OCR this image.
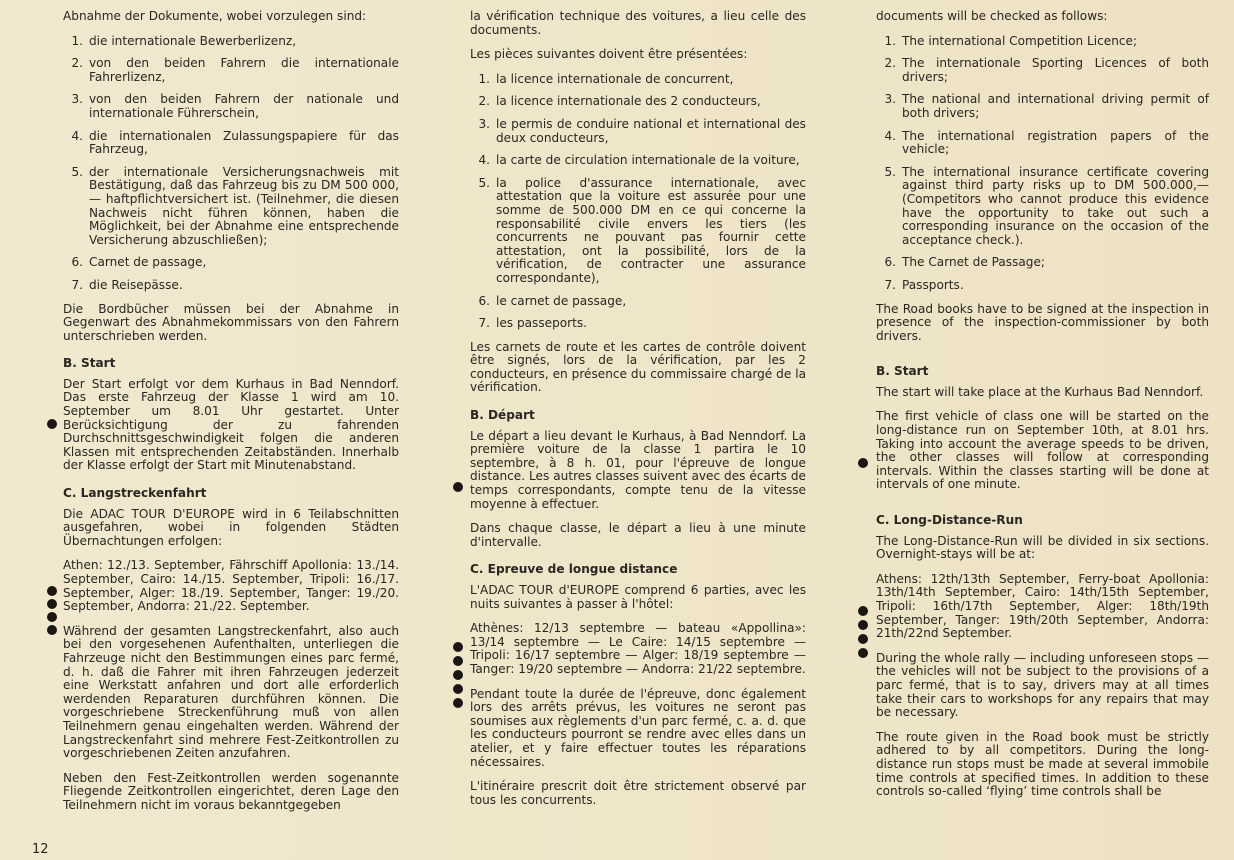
Abnahme der Dokumente, wobei vorzulegen sind:

1. die internationale Bewerberlizenz,
2. von den beiden Fahrern die internationale Fahrerlizenz,
3. von den beiden Fahrern der nationale und internationale Führerschein,
4. die internationalen Zulassungspapiere für das Fahrzeug,
5. der internationale Versicherungsnachweis mit Bestätigung, daß das Fahrzeug bis zu DM 500 000,— haftpflichtversichert ist. (Teilnehmer, die diesen Nachweis nicht führen können, haben die Möglichkeit, bei der Abnahme eine entsprechende Versicherung abzuschließen);
6. Carnet de passage,
7. die Reisepässe.

Die Bordbücher müssen bei der Abnahme in Gegenwart des Abnahmekommissars von den Fahrern unterschrieben werden.

B. Start

Der Start erfolgt vor dem Kurhaus in Bad Nenndorf. Das erste Fahrzeug der Klasse 1 wird am 10. September um 8.01 Uhr gestartet. Unter Berücksichtigung der zu fahrenden Durchschnittsgeschwindigkeit folgen die anderen Klassen mit entsprechenden Zeitabständen. Innerhalb der Klasse erfolgt der Start mit Minutenabstand.

C. Langstreckenfahrt

Die ADAC TOUR D'EUROPE wird in 6 Teilabschnitten ausgefahren, wobei in folgenden Städten Übernachtungen erfolgen:

Athen: 12./13. September, Fährschiff Apollonia: 13./14. September, Cairo: 14./15. September, Tripoli: 16./17. September, Alger: 18./19. September, Tanger: 19./20. September, Andorra: 21./22. September.

Während der gesamten Langstreckenfahrt, also auch bei den vorgesehenen Aufenthalten, unterliegen die Fahrzeuge nicht den Bestimmungen eines parc fermé, d. h. daß die Fahrer mit ihren Fahrzeugen jederzeit eine Werkstatt anfahren und dort alle erforderlich werdenden Reparaturen durchführen können. Die vorgeschriebene Streckenführung muß von allen Teilnehmern genau eingehalten werden. Während der Langstreckenfahrt sind mehrere Fest-Zeitkontrollen zu vorgeschriebenen Zeiten anzufahren.

Neben den Fest-Zeitkontrollen werden sogenannte Fliegende Zeitkontrollen eingerichtet, deren Lage den Teilnehmern nicht im voraus bekanntgegeben

la vérification technique des voitures, a lieu celle des documents.

Les pièces suivantes doivent être présentées:

1. la licence internationale de concurrent,
2. la licence internationale des 2 conducteurs,
3. le permis de conduire national et international des deux conducteurs,
4. la carte de circulation internationale de la voiture,
5. la police d'assurance internationale, avec attestation que la voiture est assurée pour une somme de 500.000 DM en ce qui concerne la responsabilité civile envers les tiers (les concurrents ne pouvant pas fournir cette attestation, ont la possibilité, lors de la vérification, de contracter une assurance correspondante),
6. le carnet de passage,
7. les passeports.

Les carnets de route et les cartes de contrôle doivent être signés, lors de la vérification, par les 2 conducteurs, en présence du commissaire chargé de la vérification.

B. Départ

Le départ a lieu devant le Kurhaus, à Bad Nenndorf. La première voiture de la classe 1 partira le 10 septembre, à 8 h. 01, pour l'épreuve de longue distance. Les autres classes suivent avec des écarts de temps correspondants, compte tenu de la vitesse moyenne à effectuer.

Dans chaque classe, le départ a lieu à une minute d'intervalle.

C. Epreuve de longue distance

L'ADAC TOUR d'EUROPE comprend 6 parties, avec les nuits suivantes à passer à l'hôtel:

Athènes: 12/13 septembre — bateau «Appollina»: 13/14 septembre — Le Caire: 14/15 septembre — Tripoli: 16/17 septembre — Alger: 18/19 septembre — Tanger: 19/20 septembre — Andorra: 21/22 septembre.

Pendant toute la durée de l'épreuve, donc également lors des arrêts prévus, les voitures ne seront pas soumises aux règlements d'un parc fermé, c. a. d. que les conducteurs pourront se rendre avec elles dans un atelier, et y faire effectuer toutes les réparations nécessaires.

L'itinéraire prescrit doit être strictement observé par tous les concurrents.

documents will be checked as follows:

1. The international Competition Licence;
2. The internationale Sporting Licences of both drivers;
3. The national and international driving permit of both drivers;
4. The international registration papers of the vehicle;
5. The international insurance certificate covering against third party risks up to DM 500.000,— (Competitors who cannot produce this evidence have the opportunity to take out such a corresponding insurance on the occasion of the acceptance check.).
6. The Carnet de Passage;
7. Passports.

The Road books have to be signed at the inspection in presence of the inspection-commissioner by both drivers.

B. Start

The start will take place at the Kurhaus Bad Nenndorf.

The first vehicle of class one will be started on the long-distance run on September 10th, at 8.01 hrs. Taking into account the average speeds to be driven, the other classes will follow at corresponding intervals. Within the classes starting will be done at intervals of one minute.

C. Long-Distance-Run

The Long-Distance-Run will be divided in six sections. Overnight-stays will be at:

Athens: 12th/13th September, Ferry-boat Apollonia: 13th/14th September, Cairo: 14th/15th September, Tripoli: 16th/17th September, Alger: 18th/19th September, Tanger: 19th/20th September, Andorra: 21th/22nd September.

During the whole rally — including unforeseen stops — the vehicles will not be subject to the provisions of a parc fermé, that is to say, drivers may at all times take their cars to workshops for any repairs that may be necessary.

The route given in the Road book must be strictly adhered to by all competitors. During the long-distance run stops must be made at several immobile time controls at specified times. In addition to these controls so-called ‘flying’ time controls shall be

12
